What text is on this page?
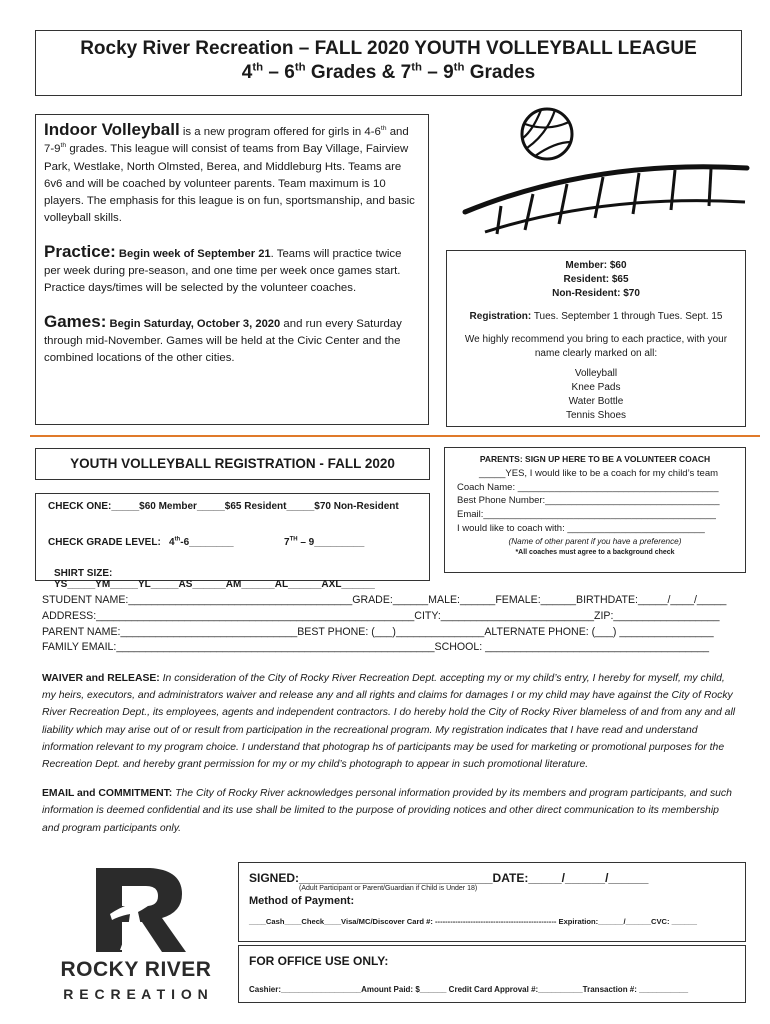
Rocky River Recreation – FALL 2020 YOUTH VOLLEYBALL LEAGUE
4th – 6th Grades & 7th – 9th Grades

Indoor Volleyball is a new program offered for girls in 4-6th and 7-9th grades. This league will consist of teams from Bay Village, Fairview Park, Westlake, North Olmsted, Berea, and Middleburg Hts. Teams are 6v6 and will be coached by volunteer parents. Team maximum is 10 players. The emphasis for this league is on fun, sportsmanship, and basic volleyball skills.

Practice: Begin week of September 21. Teams will practice twice per week during pre-season, and one time per week once games start. Practice days/times will be selected by the volunteer coaches.

Games: Begin Saturday, October 3, 2020 and run every Saturday through mid-November. Games will be held at the Civic Center and the combined locations of the other cities.

Member: $60
Resident: $65
Non-Resident: $70
Registration: Tues. September 1 through Tues. Sept. 15
We highly recommend you bring to each practice, with your name clearly marked on all:
Volleyball
Knee Pads
Water Bottle
Tennis Shoes
YOUTH VOLLEYBALL REGISTRATION - FALL 2020
CHECK ONE:_____$60 Member_____$65 Resident_____$70 Non-Resident
CHECK GRADE LEVEL: 4th-6________	7TH – 9_________
SHIRT SIZE: YS_____YM_____YL_____AS______AM______AL______AXL______
PARENTS: SIGN UP HERE TO BE A VOLUNTEER COACH
_____YES, I would like to be a coach for my child’s team
Coach Name: ______________________________________
Best Phone Number:_________________________________
Email:____________________________________________
I would like to coach with: __________________________
(Name of other parent if you have a preference)
*All coaches must agree to a background check
STUDENT NAME:______________________________________GRADE:______MALE:______FEMALE:______BIRTHDATE:_____/____/_____
ADDRESS:______________________________________________________CITY:__________________________ZIP:__________________
PARENT NAME:______________________________BEST PHONE: (___)_______________ALTERNATE PHONE: (___) ________________
FAMILY EMAIL:______________________________________________________SCHOOL: ______________________________________

WAIVER and RELEASE: In consideration of the City of Rocky River Recreation Dept. accepting my or my child’s entry, I hereby for myself, my child, my heirs, executors, and administrators waiver and release any and all rights and claims for damages I or my child may have against the City of Rocky River Recreation Dept., its employees, agents and independent contractors. I do hereby hold the City of Rocky River blameless of and from any and all liability which may arise out of or result from participation in the recreational program. My registration indicates that I have read and understand information relevant to my program choice. I understand that photograp hs of participants may be used for marketing or promotional purposes for the Recreation Dept. and hereby grant permission for my or my child’s photograph to appear in such promotional literature.

EMAIL and COMMITMENT: The City of Rocky River acknowledges personal information provided by its members and program participants, and such information is deemed confidential and its use shall be limited to the purpose of providing notices and other direct communication to its membership and program participants only.

ROCKY RIVER
R E C R E A T I O N
SIGNED:_____________________________DATE:_____/______/______
(Adult Participant or Parent/Guardian if Child is Under 18)
Method of Payment:
____Cash____Check____Visa/MC/Discover Card #: ------------------------------------------------ Expiration:______/______CVC: ______
FOR OFFICE USE ONLY:
Cashier:__________________Amount Paid: $______ Credit Card Approval #:__________Transaction #: ___________
